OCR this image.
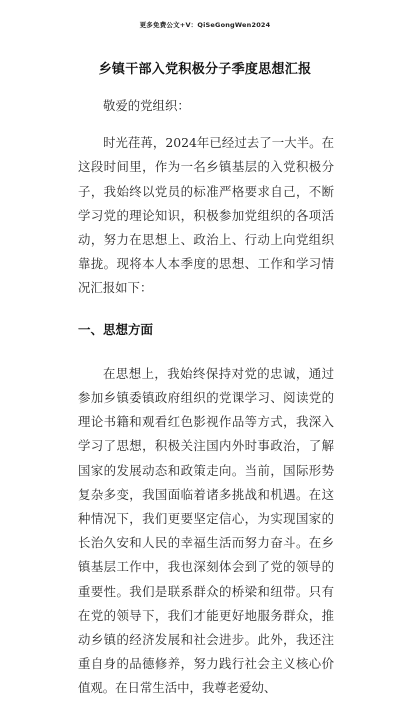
更多免费公文+V：QiSeGongWen2024
乡镇干部入党积极分子季度思想汇报

敬爱的党组织：

时光荏苒，2024年已经过去了一大半。在这段时间里，作为一名乡镇基层的入党积极分子，我始终以党员的标准严格要求自己，不断学习党的理论知识，积极参加党组织的各项活动，努力在思想上、政治上、行动上向党组织靠拢。现将本人本季度的思想、工作和学习情况汇报如下：

一、思想方面

在思想上，我始终保持对党的忠诚，通过参加乡镇委镇政府组织的党课学习、阅读党的理论书籍和观看红色影视作品等方式，我深入学习了思想，积极关注国内外时事政治，了解国家的发展动态和政策走向。当前，国际形势复杂多变，我国面临着诸多挑战和机遇。在这种情况下，我们更要坚定信心，为实现国家的长治久安和人民的幸福生活而努力奋斗。在乡镇基层工作中，我也深刻体会到了党的领导的重要性。我们是联系群众的桥梁和纽带。只有在党的领导下，我们才能更好地服务群众，推动乡镇的经济发展和社会进步。此外，我还注重自身的品德修养，努力践行社会主义核心价值观。在日常生活中，我尊老爱幼、
